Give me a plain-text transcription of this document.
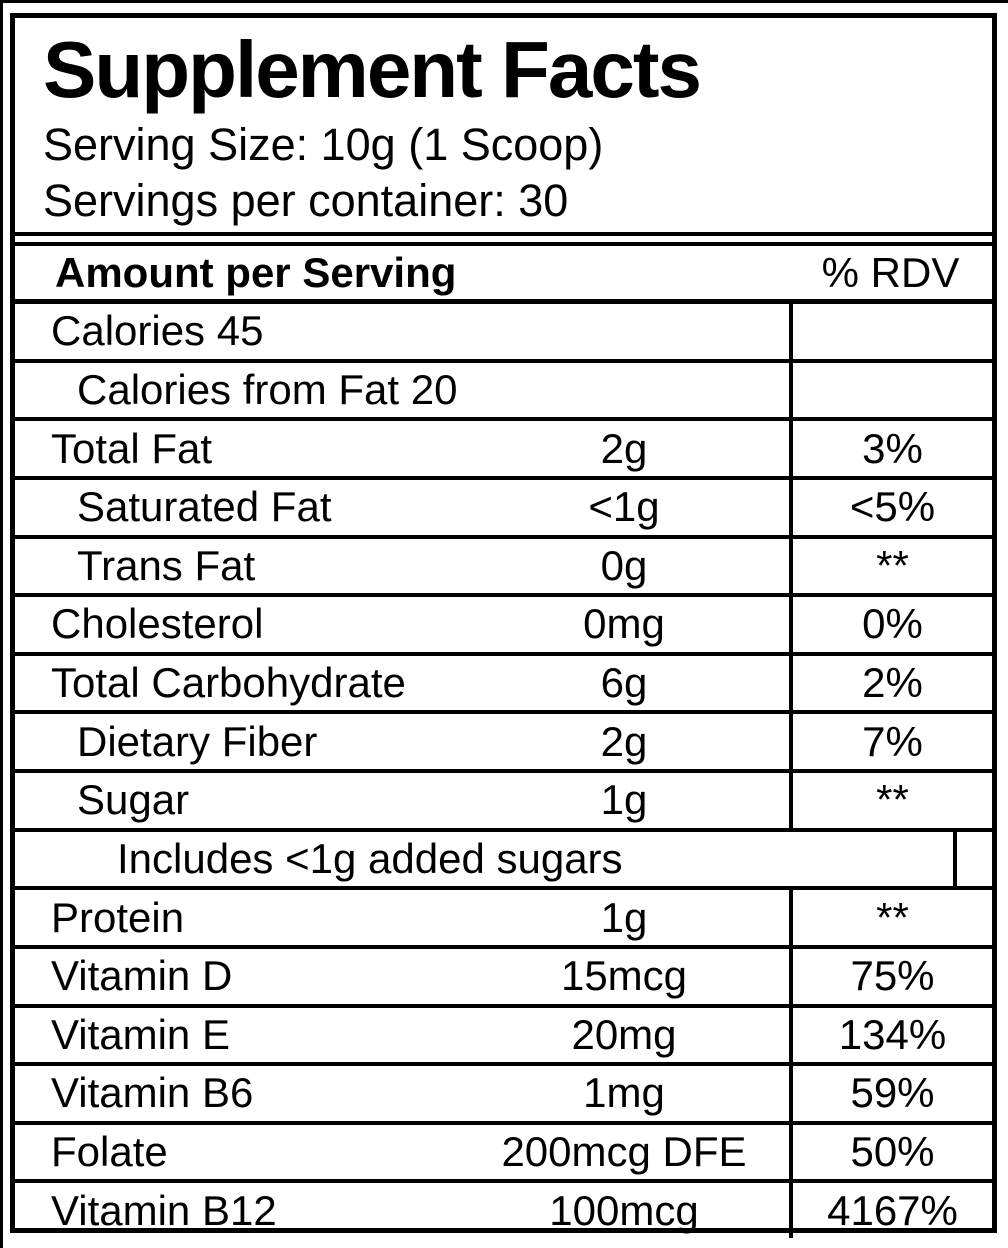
Supplement Facts
Serving Size: 10g (1 Scoop)
Servings per container: 30
Amount per Serving	% RDV
Calories 45
Calories from Fat 20
Total Fat	2g	3%
Saturated Fat	<1g	<5%
Trans Fat	0g	**
Cholesterol	0mg	0%
Total Carbohydrate	6g	2%
Dietary Fiber	2g	7%
Sugar	1g	**
Includes <1g added sugars
Protein	1g	**
Vitamin D	15mcg	75%
Vitamin E	20mg	134%
Vitamin B6	1mg	59%
Folate	200mcg DFE	50%
Vitamin B12	100mcg	4167%
